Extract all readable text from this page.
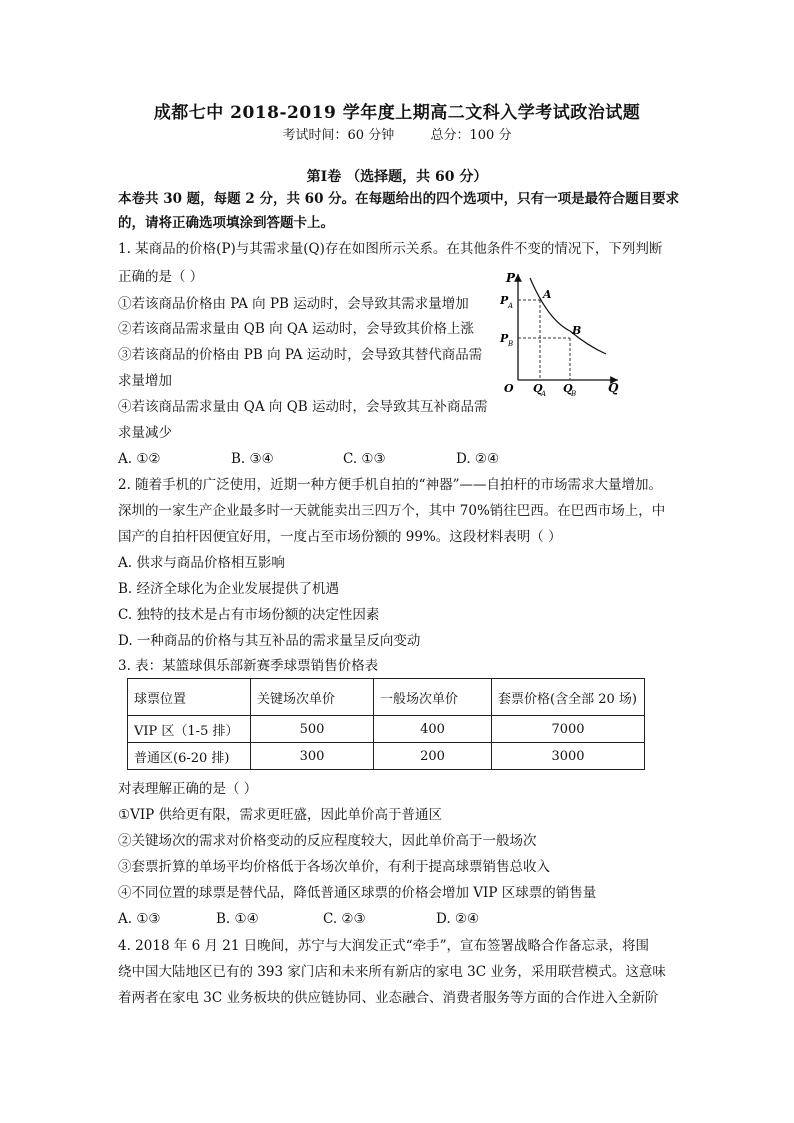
成都七中 2018-2019 学年度上期高二文科入学考试政治试题
考试时间：60 分钟	总分：100 分
第Ⅰ卷 （选择题，共 60 分）
本卷共 30 题，每题 2 分，共 60 分。在每题给出的四个选项中，只有一项是最符合题目要求
的，请将正确选项填涂到答题卡上。
1. 某商品的价格(P)与其需求量(Q)存在如图所示关系。在其他条件不变的情况下，下列判断
正确的是（ ）
①若该商品价格由 PA 向 PB 运动时，会导致其需求量增加
②若该商品需求量由 QB 向 QA 运动时，会导致其价格上涨
③若该商品的价格由 PB 向 PA 运动时，会导致其替代商品需
求量增加
④若该商品需求量由 QA 向 QB 运动时，会导致其互补商品需
求量减少
A. ①②	B. ③④	C. ①③	D. ②④
P
Q
O
P A
P B
Q
A Q
B
A
B
2. 随着手机的广泛使用，近期一种方便手机自拍的“神器”——自拍杆的市场需求大量增加。
深圳的一家生产企业最多时一天就能卖出三四万个，其中 70%销往巴西。在巴西市场上，中
国产的自拍杆因便宜好用，一度占至市场份额的 99%。这段材料表明（ ）
A. 供求与商品价格相互影响
B. 经济全球化为企业发展提供了机遇
C. 独特的技术是占有市场份额的决定性因素
D. 一种商品的价格与其互补品的需求量呈反向变动
3. 表：某篮球俱乐部新赛季球票销售价格表
球票位置	关键场次单价	一般场次单价	套票价格(含全部 20 场)
VIP 区（1-5 排）	500	400	7000
普通区(6-20 排)	300	200	3000
对表理解正确的是（ ）
①VIP 供给更有限，需求更旺盛，因此单价高于普通区
②关键场次的需求对价格变动的反应程度较大，因此单价高于一般场次
③套票折算的单场平均价格低于各场次单价，有利于提高球票销售总收入
④不同位置的球票是替代品，降低普通区球票的价格会增加 VIP 区球票的销售量
A. ①③	B. ①④	C. ②③	D. ②④
4. 2018 年 6 月 21 日晚间，苏宁与大润发正式“牵手”，宣布签署战略合作备忘录，将围
绕中国大陆地区已有的 393 家门店和未来所有新店的家电 3C 业务，采用联营模式。这意味
着两者在家电 3C 业务板块的供应链协同、业态融合、消费者服务等方面的合作进入全新阶
